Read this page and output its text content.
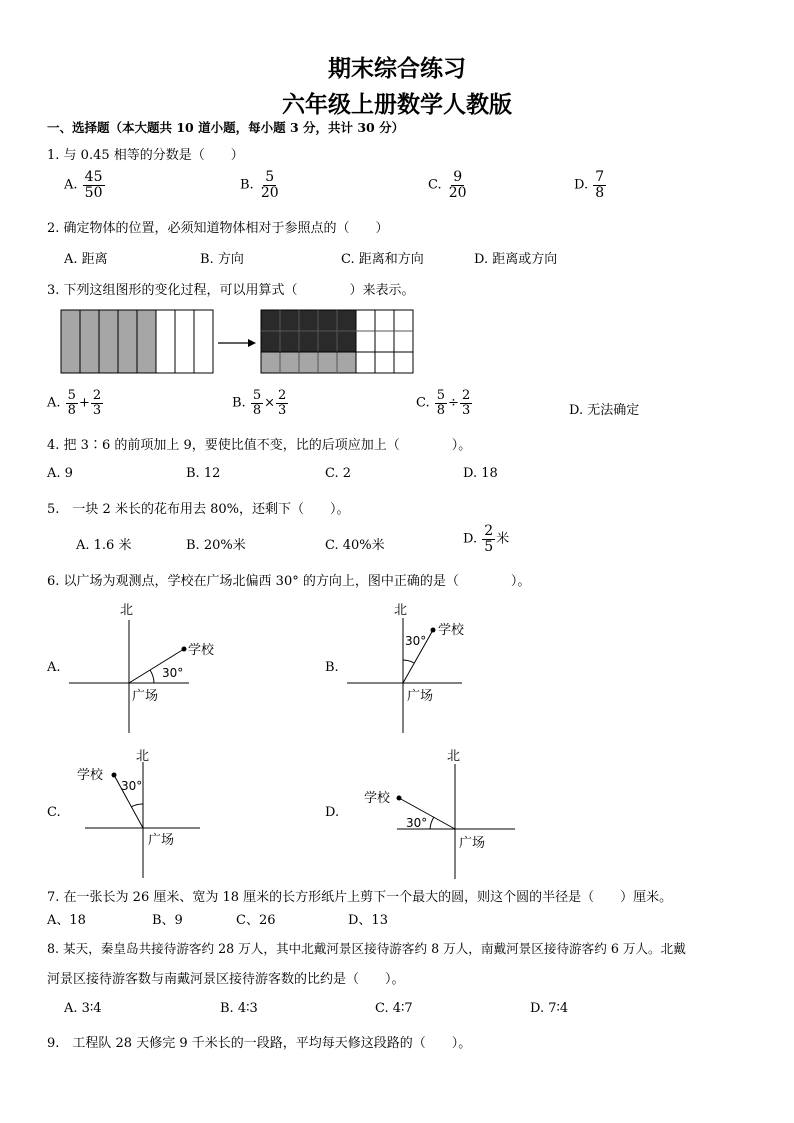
期末综合练习
六年级上册数学人教版
一、选择题（本大题共 10 道小题，每小题 3 分，共计 30 分）
1. 与 0.45 相等的分数是（　　）
A. $\frac{45}{50}$	B. $\frac{5}{20}$	C. $\frac{9}{20}$	D. $\frac{7}{8}$
2. 确定物体的位置，必须知道物体相对于参照点的（　　）
A. 距离	B. 方向	C. 距离和方向	D. 距离或方向
3. 下列这组图形的变化过程，可以用算式（　　　　）来表示。
A. $\frac{5}{8} + \frac{2}{3}$	B. $\frac{5}{8} \times \frac{2}{3}$	C. $\frac{5}{8} \div \frac{2}{3}$	D. 无法确定
4. 把 3∶6 的前项加上 9，要使比值不变，比的后项应加上（　　　　）。
A. 9	B. 12	C. 2	D. 18
5.　一块 2 米长的花布用去 80%，还剩下（　　）。
A. 1.6 米	B. 20%米	C. 40%米	D. $\frac{2}{5}$ 米
6. 以广场为观测点，学校在广场北偏西 30° 的方向上，图中正确的是（　　　　）。
A.
北
学校
30°
广场
B.
北
学校
30°
广场
C.
北
学校
30°
广场
D.
北
学校
30°
广场
7. 在一张长为 26 厘米、宽为 18 厘米的长方形纸片上剪下一个最大的圆，则这个圆的半径是（　　）厘米。
A、18	B、9	C、26	D、13
8. 某天，秦皇岛共接待游客约 28 万人，其中北戴河景区接待游客约 8 万人，南戴河景区接待游客约 6 万人。北戴
河景区接待游客数与南戴河景区接待游客数的比约是（　　）。
A. 3∶4	B. 4∶3	C. 4∶7	D. 7∶4
9.　工程队 28 天修完 9 千米长的一段路，平均每天修这段路的（　　）。
